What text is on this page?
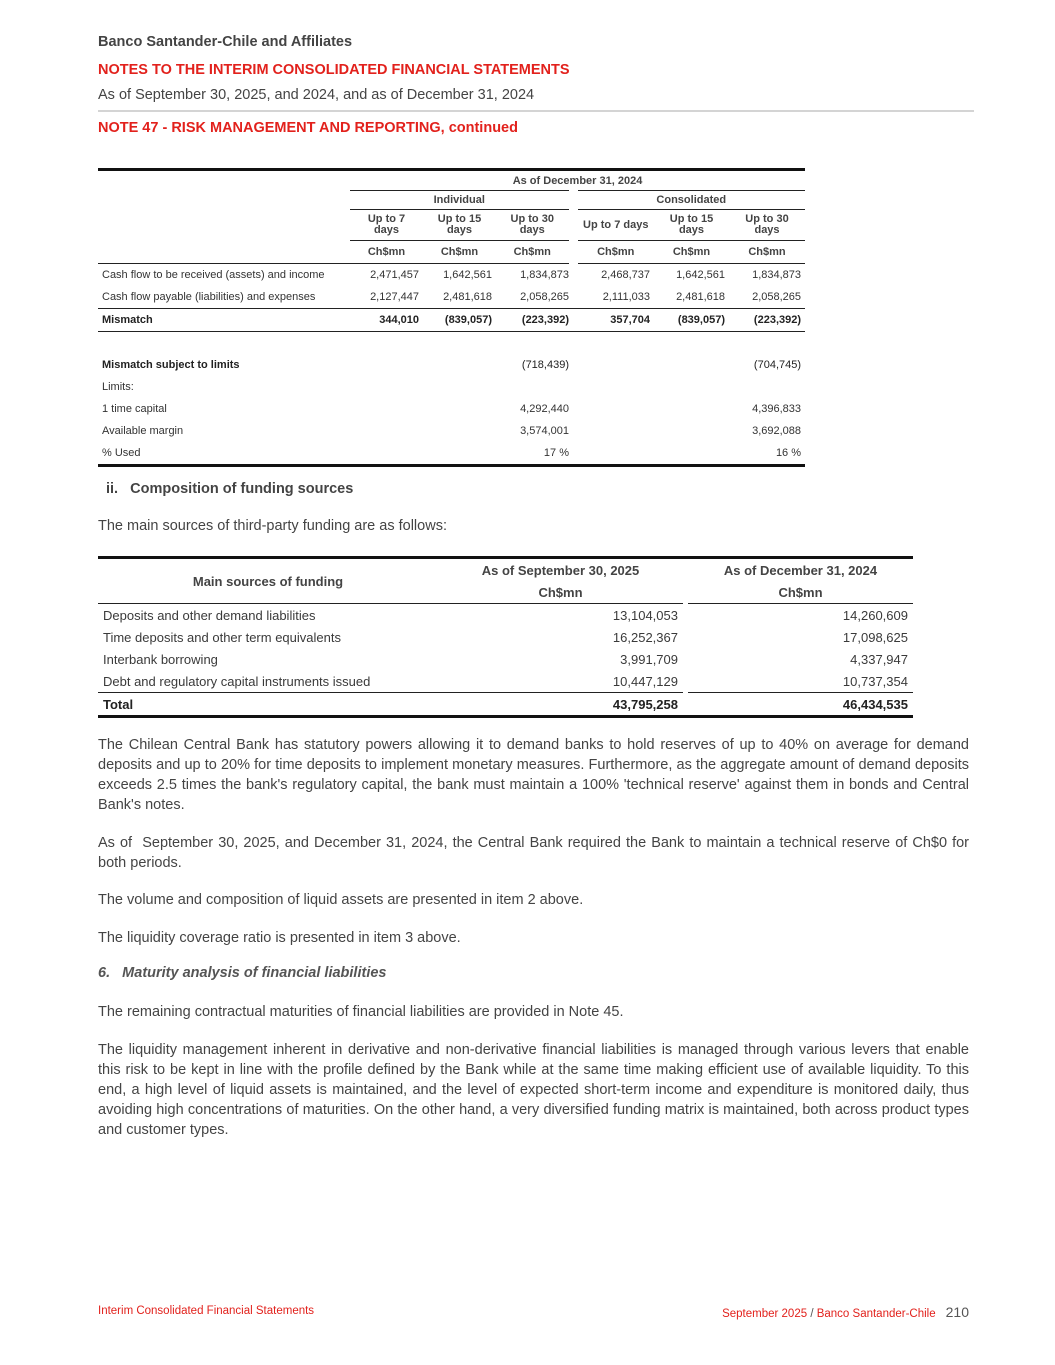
Banco Santander-Chile and Affiliates
NOTES TO THE INTERIM CONSOLIDATED FINANCIAL STATEMENTS
As of September 30, 2025, and 2024, and as of December 31, 2024
NOTE 47 - RISK MANAGEMENT AND REPORTING, continued
	As of December 31, 2024					
	Individual			Consolidated		
	Up to 7 days	Up to 15 days	Up to 30 days	Up to 7 days	Up to 15 days	Up to 30 days
	Ch$mn	Ch$mn	Ch$mn	Ch$mn	Ch$mn	Ch$mn
Cash flow to be received (assets) and income	2,471,457	1,642,561	1,834,873	2,468,737	1,642,561	1,834,873
Cash flow payable (liabilities) and expenses	2,127,447	2,481,618	2,058,265	2,111,033	2,481,618	2,058,265
Mismatch	344,010	(839,057)	(223,392)	357,704	(839,057)	(223,392)

Mismatch subject to limits			(718,439)			(704,745)
Limits:						
1 time capital			4,292,440			4,396,833
Available margin			3,574,001			3,692,088
% Used			17 %			16 %
ii.   Composition of funding sources
The main sources of third-party funding are as follows:
Main sources of funding	As of September 30, 2025		As of December 31, 2024
	Ch$mn		Ch$mn
Deposits and other demand liabilities	13,104,053		14,260,609
Time deposits and other term equivalents	16,252,367		17,098,625
Interbank borrowing	3,991,709		4,337,947
Debt and regulatory capital instruments issued	10,447,129		10,737,354
Total	43,795,258		46,434,535

The Chilean Central Bank has statutory powers allowing it to demand banks to hold reserves of up to 40% on average for demand deposits and up to 20% for time deposits to implement monetary measures. Furthermore, as the aggregate amount of demand deposits exceeds 2.5 times the bank's regulatory capital, the bank must maintain a 100% 'technical reserve' against them in bonds and Central Bank's notes.

As of  September 30, 2025, and December 31, 2024, the Central Bank required the Bank to maintain a technical reserve of Ch$0 for both periods.

The volume and composition of liquid assets are presented in item 2 above.

The liquidity coverage ratio is presented in item 3 above.

6.   Maturity analysis of financial liabilities

The remaining contractual maturities of financial liabilities are provided in Note 45.

The liquidity management inherent in derivative and non-derivative financial liabilities is managed through various levers that enable this risk to be kept in line with the profile defined by the Bank while at the same time making efficient use of available liquidity. To this end, a high level of liquid assets is maintained, and the level of expected short-term income and expenditure is monitored daily, thus avoiding high concentrations of maturities. On the other hand, a very diversified funding matrix is maintained, both across product types and customer types.

Interim Consolidated Financial Statements	September 2025 / Banco Santander-Chile 210
